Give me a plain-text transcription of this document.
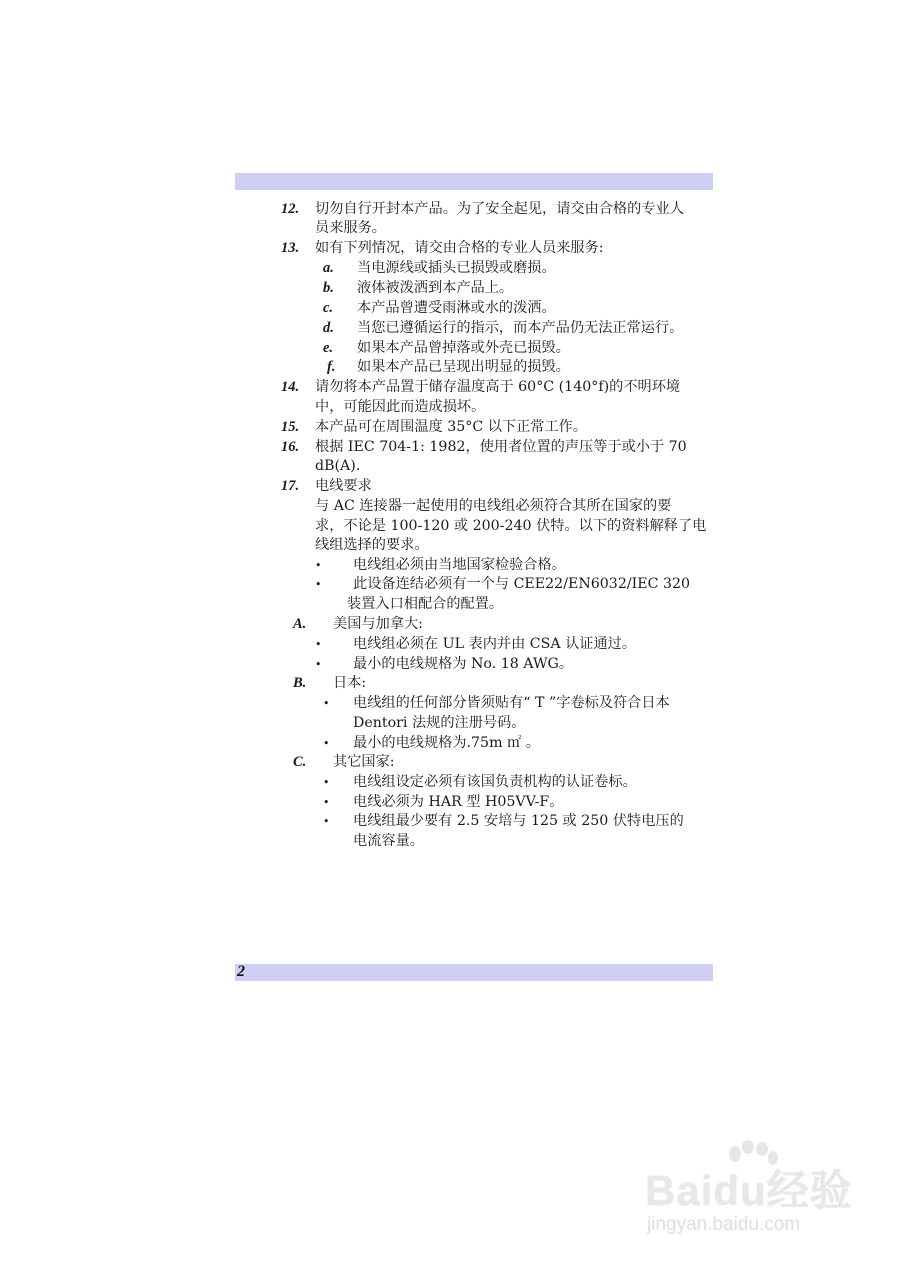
12. 切勿自行开封本产品。为了安全起见，请交由合格的专业人
员来服务。
13. 如有下列情况，请交由合格的专业人员来服务:
a. 当电源线或插头已损毁或磨损。
b. 液体被泼洒到本产品上。
c. 本产品曾遭受雨淋或水的泼洒。
d. 当您已遵循运行的指示，而本产品仍无法正常运行。
e. 如果本产品曾掉落或外壳已损毁。
f. 如果本产品已呈现出明显的损毁。
14. 请勿将本产品置于储存温度高于 60°C (140°f)的不明环境
中，可能因此而造成损坏。
15. 本产品可在周围温度 35°C 以下正常工作。
16. 根据 IEC 704-1: 1982，使用者位置的声压等于或小于 70
dB(A).
17. 电线要求
与 AC 连接器一起使用的电线组必须符合其所在国家的要
求，不论是 100-120 或 200-240 伏特。以下的资料解释了电
线组选择的要求。
• 电线组必须由当地国家检验合格。
• 此设备连结必须有一个与 CEE22/EN6032/IEC 320
装置入口相配合的配置。
A. 美国与加拿大:
• 电线组必须在 UL 表内并由 CSA 认证通过。
• 最小的电线规格为 No. 18 AWG。
B. 日本:
• 电线组的任何部分皆须贴有“ T ”字卷标及符合日本
Dentori 法规的注册号码。
• 最小的电线规格为.75m ㎡ 。
C. 其它国家:
• 电线组设定必须有该国负责机构的认证卷标。
• 电线必须为 HAR 型 H05VV-F。
• 电线组最少要有 2.5 安培与 125 或 250 伏特电压的
电流容量。
2
Baidu经验
jingyan.baidu.com
